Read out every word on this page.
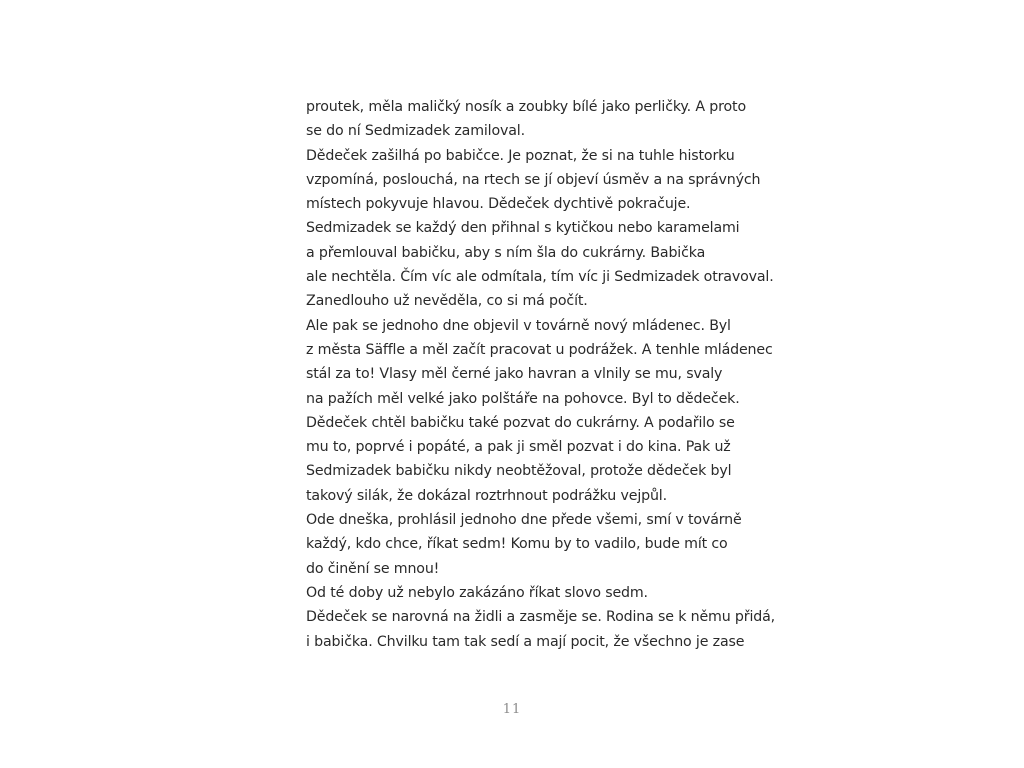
proutek, měla maličký nosík a zoubky bílé jako perličky. A proto
se do ní Sedmizadek zamiloval.
Dědeček zašilhá po babičce. Je poznat, že si na tuhle historku
vzpomíná, poslouchá, na rtech se jí objeví úsměv a na správných
místech pokyvuje hlavou. Dědeček dychtivě pokračuje.
Sedmizadek se každý den přihnal s kytičkou nebo karamelami
a přemlouval babičku, aby s ním šla do cukrárny. Babička
ale nechtěla. Čím víc ale odmítala, tím víc ji Sedmizadek otravoval.
Zanedlouho už nevěděla, co si má počít.
Ale pak se jednoho dne objevil v továrně nový mládenec. Byl
z města Säffle a měl začít pracovat u podrážek. A tenhle mládenec
stál za to! Vlasy měl černé jako havran a vlnily se mu, svaly
na pažích měl velké jako polštáře na pohovce. Byl to dědeček.
Dědeček chtěl babičku také pozvat do cukrárny. A podařilo se
mu to, poprvé i popáté, a pak ji směl pozvat i do kina. Pak už
Sedmizadek babičku nikdy neobtěžoval, protože dědeček byl
takový silák, že dokázal roztrhnout podrážku vejpůl.
Ode dneška, prohlásil jednoho dne přede všemi, smí v továrně
každý, kdo chce, říkat sedm! Komu by to vadilo, bude mít co
do činění se mnou!
Od té doby už nebylo zakázáno říkat slovo sedm.
Dědeček se narovná na židli a zasměje se. Rodina se k němu přidá,
i babička. Chvilku tam tak sedí a mají pocit, že všechno je zase
11
